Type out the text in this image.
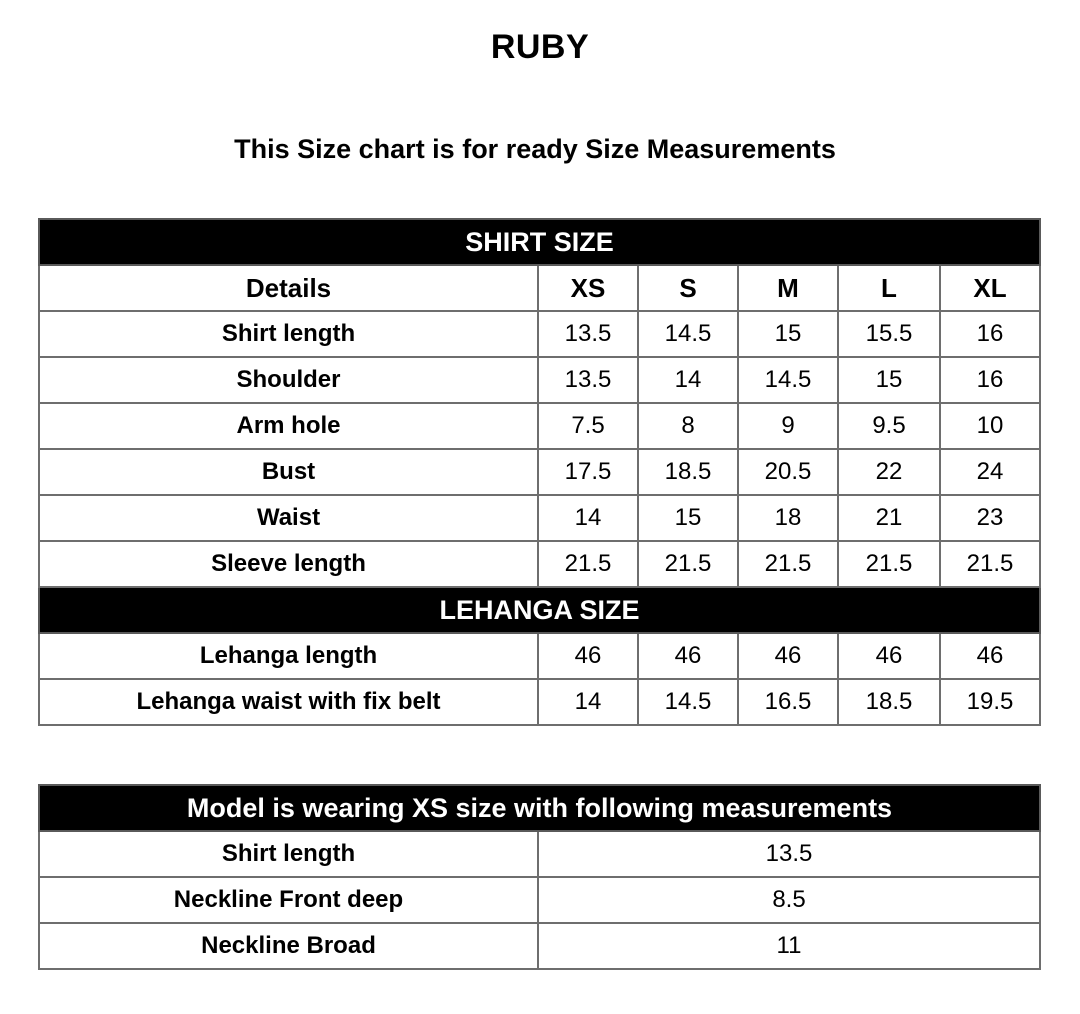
RUBY
This Size chart is for ready Size Measurements
SHIRT SIZE					
Details	XS	S	M	L	XL
Shirt length	13.5	14.5	15	15.5	16
Shoulder	13.5	14	14.5	15	16
Arm hole	7.5	8	9	9.5	10
Bust	17.5	18.5	20.5	22	24
Waist	14	15	18	21	23
Sleeve length	21.5	21.5	21.5	21.5	21.5
LEHANGA SIZE					
Lehanga length	46	46	46	46	46
Lehanga waist with fix belt	14	14.5	16.5	18.5	19.5
Model is wearing XS size with following measurements	
Shirt length	13.5
Neckline Front deep	8.5
Neckline Broad	11
